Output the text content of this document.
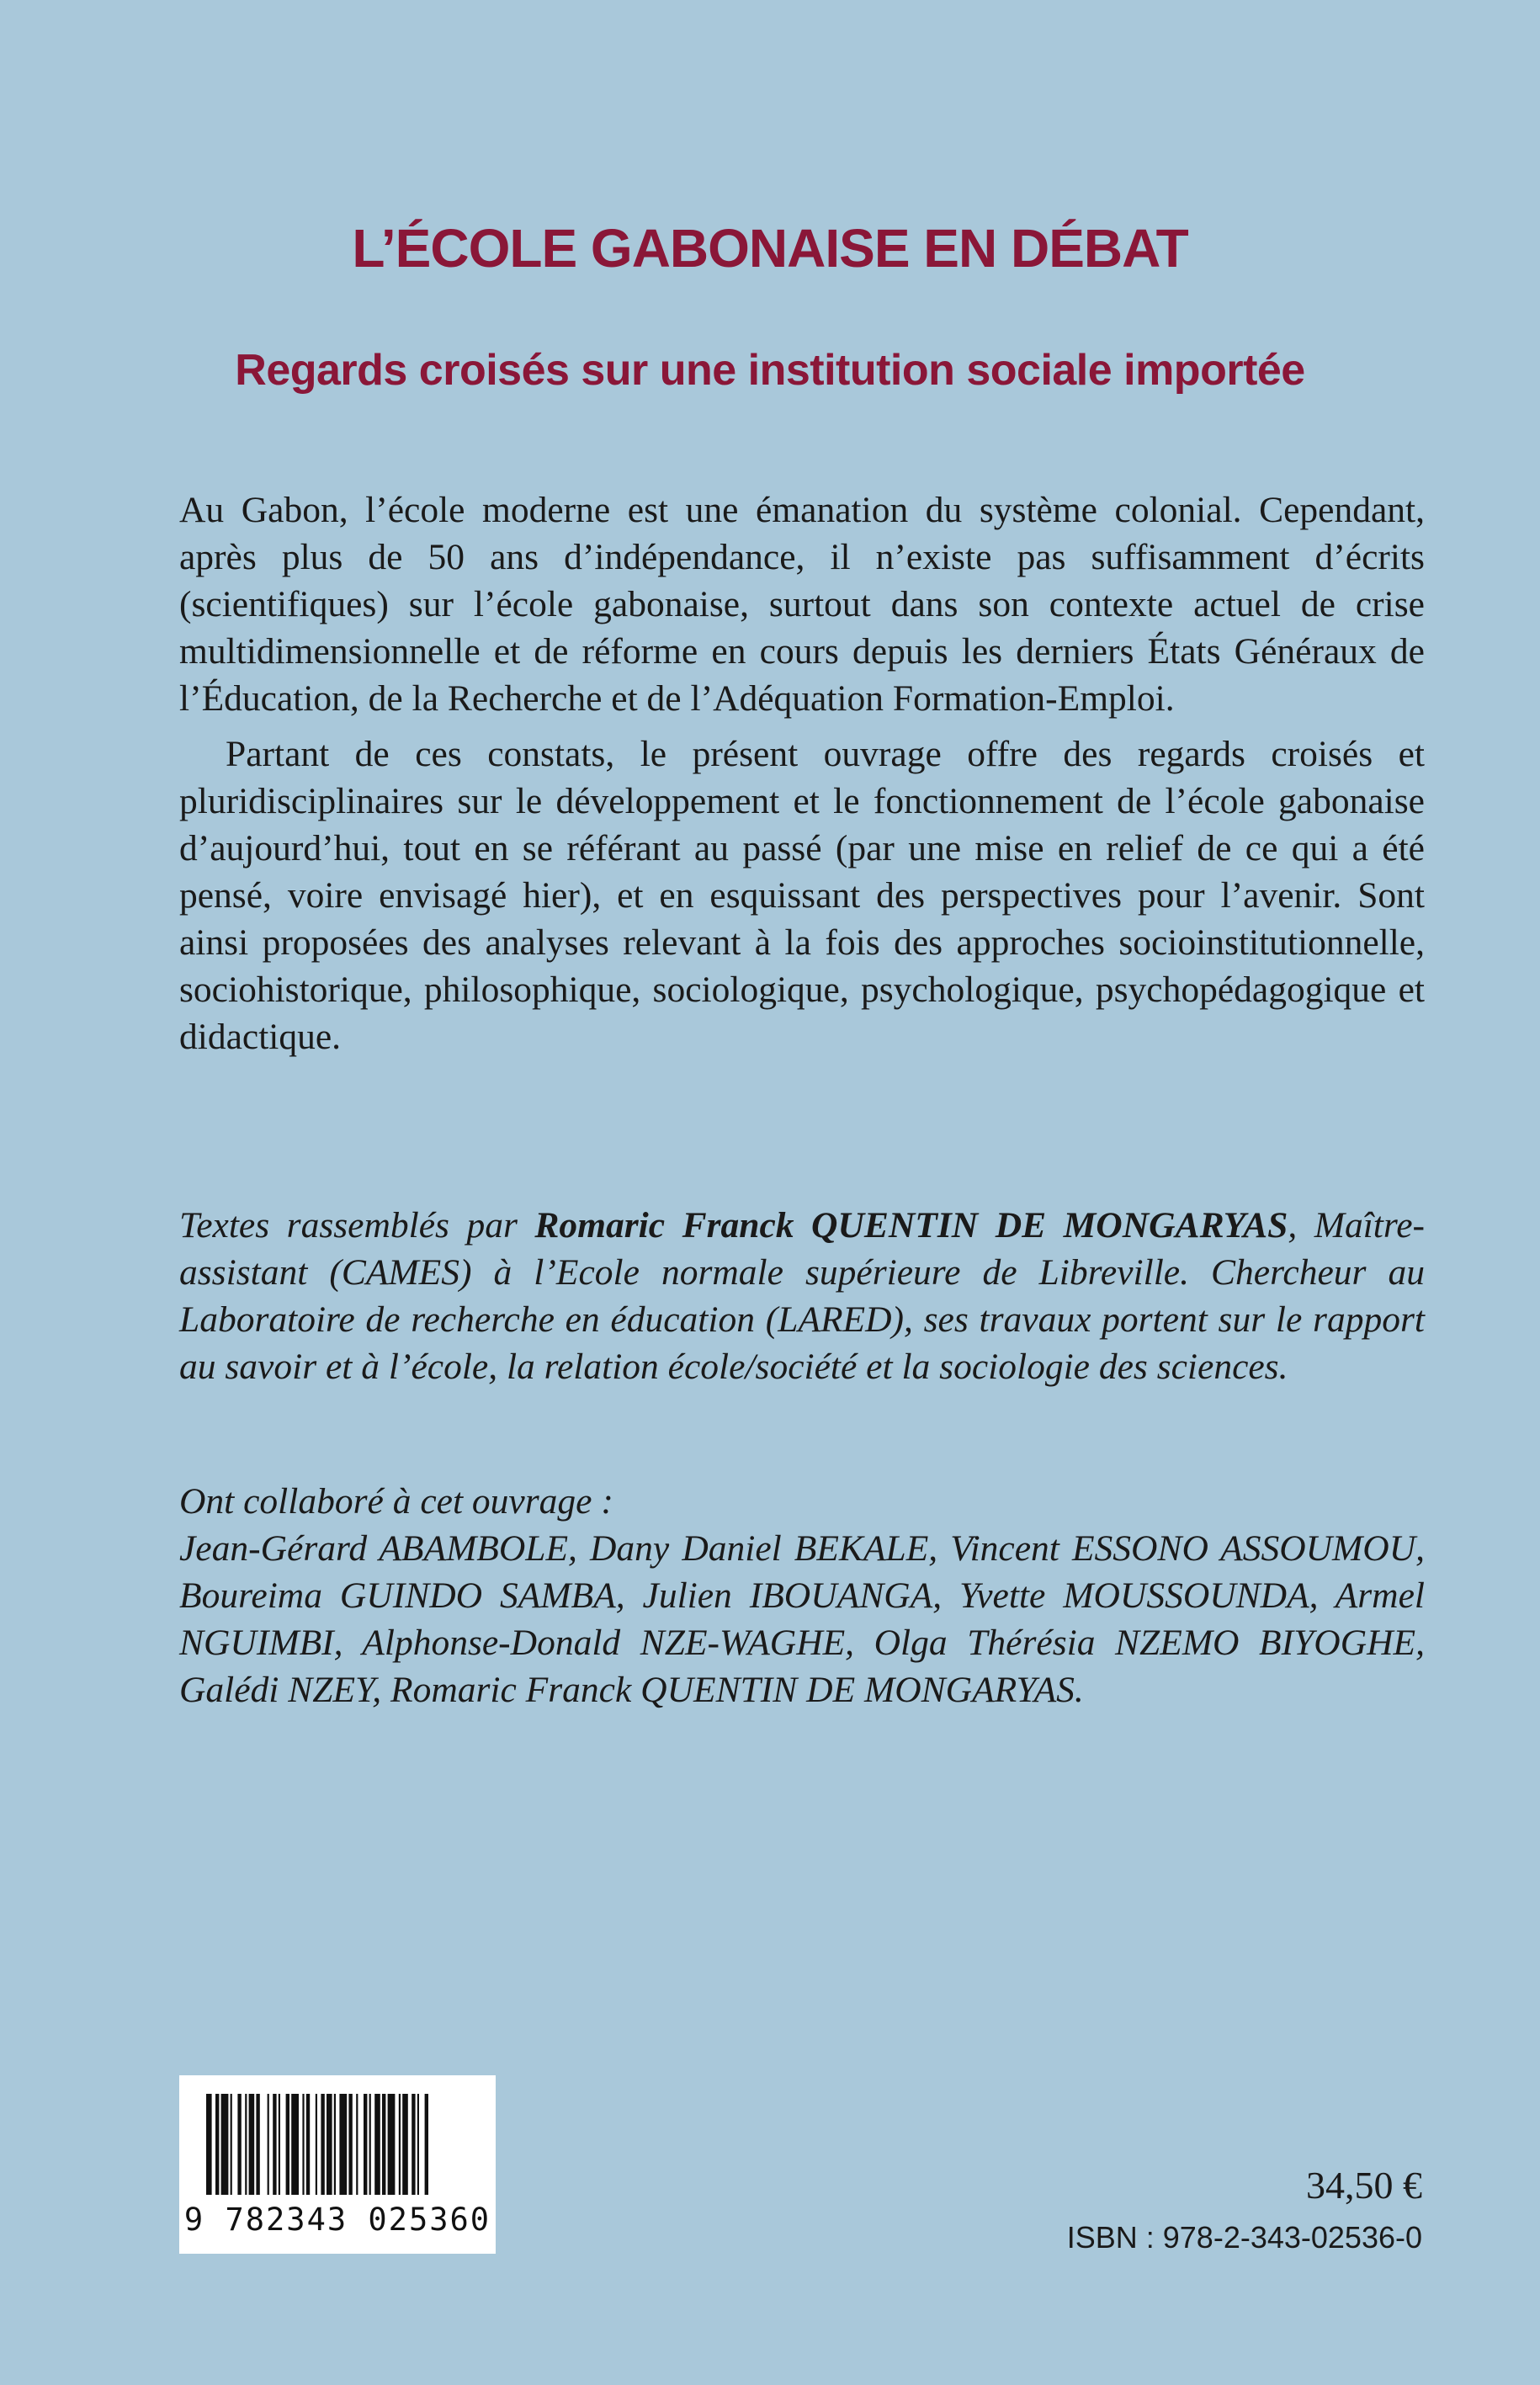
L’ÉCOLE GABONAISE EN DÉBAT
Regards croisés sur une institution sociale importée

Au Gabon, l’école moderne est une émanation du système colonial. Cependant, après plus de 50 ans d’indépendance, il n’existe pas suffisamment d’écrits (scientifiques) sur l’école gabonaise, surtout dans son contexte actuel de crise multidimensionnelle et de réforme en cours depuis les derniers États Généraux de l’Éducation, de la Recherche et de l’Adéquation Formation-Emploi.

Partant de ces constats, le présent ouvrage offre des regards croisés et pluridisciplinaires sur le développement et le fonctionnement de l’école gabonaise d’aujourd’hui, tout en se référant au passé (par une mise en relief de ce qui a été pensé, voire envisagé hier), et en esquissant des perspectives pour l’avenir. Sont ainsi proposées des analyses relevant à la fois des approches socioinstitutionnelle, sociohistorique, philosophique, sociologique, psychologique, psychopédagogique et didactique.

Textes rassemblés par Romaric Franck QUENTIN DE MONGARYAS, Maître-assistant (CAMES) à l’Ecole normale supérieure de Libreville. Chercheur au Laboratoire de recherche en éducation (LARED), ses travaux portent sur le rapport au savoir et à l’école, la relation école/société et la sociologie des sciences.
Ont collaboré à cet ouvrage :
Jean-Gérard ABAMBOLE, Dany Daniel BEKALE, Vincent ESSONO ASSOUMOU, Boureima GUINDO SAMBA, Julien IBOUANGA, Yvette MOUSSOUNDA, Armel NGUIMBI, Alphonse-Donald NZE-WAGHE, Olga Thérésia NZEMO BIYOGHE, Galédi NZEY, Romaric Franck QUENTIN DE MONGARYAS.
9 782343 025360
34,50 €
ISBN : 978-2-343-02536-0
